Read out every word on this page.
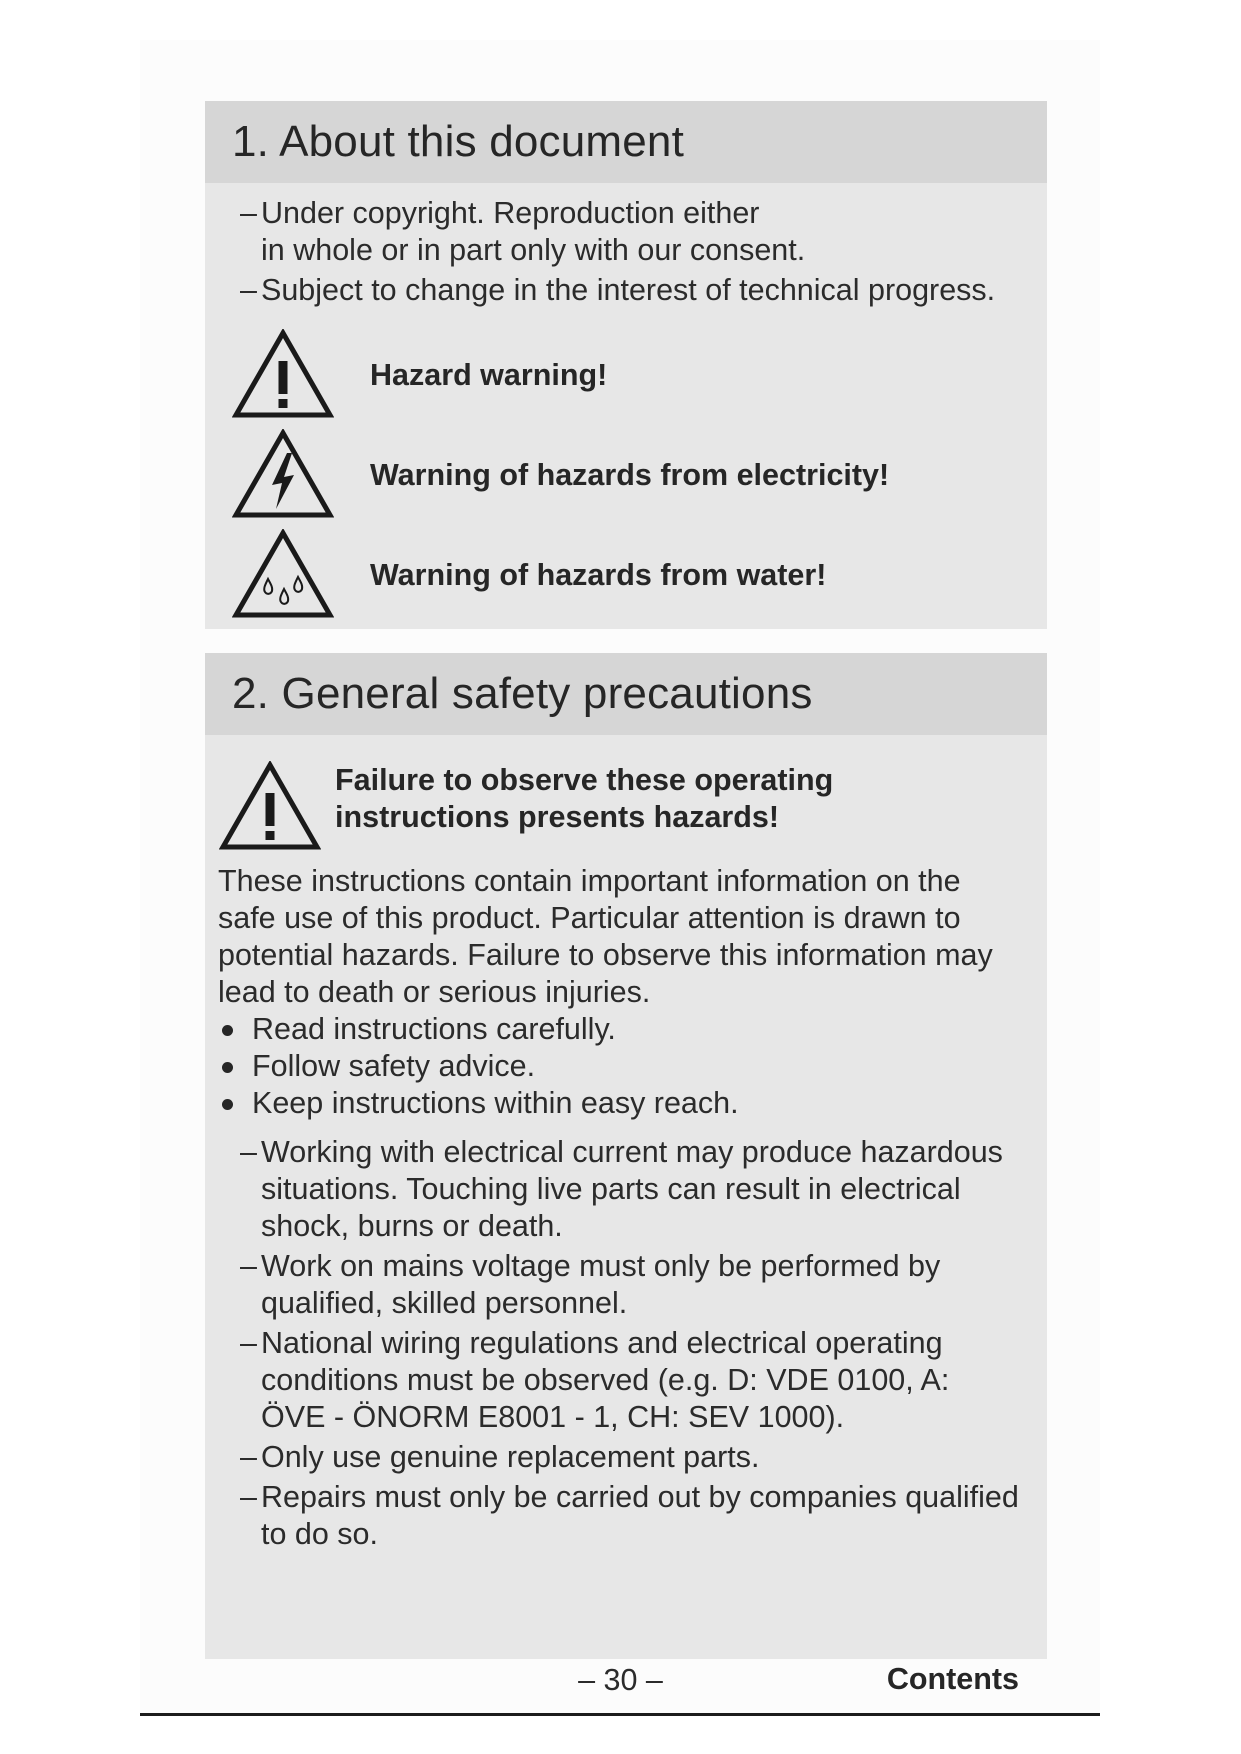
1. About this document
– Under copyright. Reproduction either
in whole or in part only with our consent.
– Subject to change in the interest of technical progress.
Hazard warning!
Warning of hazards from electricity!
Warning of hazards from water!
2. General safety precautions
Failure to observe these operating
instructions presents hazards!
These instructions contain important information on the
safe use of this product. Particular attention is drawn to
potential hazards. Failure to observe this information may
lead to death or serious injuries.
Read instructions carefully.
Follow safety advice.
Keep instructions within easy reach.
– Working with electrical current may produce hazardous
situations. Touching live parts can result in electrical
shock, burns or death.
– Work on mains voltage must only be performed by
qualified, skilled personnel.
– National wiring regulations and electrical operating
conditions must be observed (e.g. D: VDE 0100, A:
ÖVE - ÖNORM E8001 - 1, CH: SEV 1000).
– Only use genuine replacement parts.
– Repairs must only be carried out by companies qualified
to do so.
– 30 –	Contents
